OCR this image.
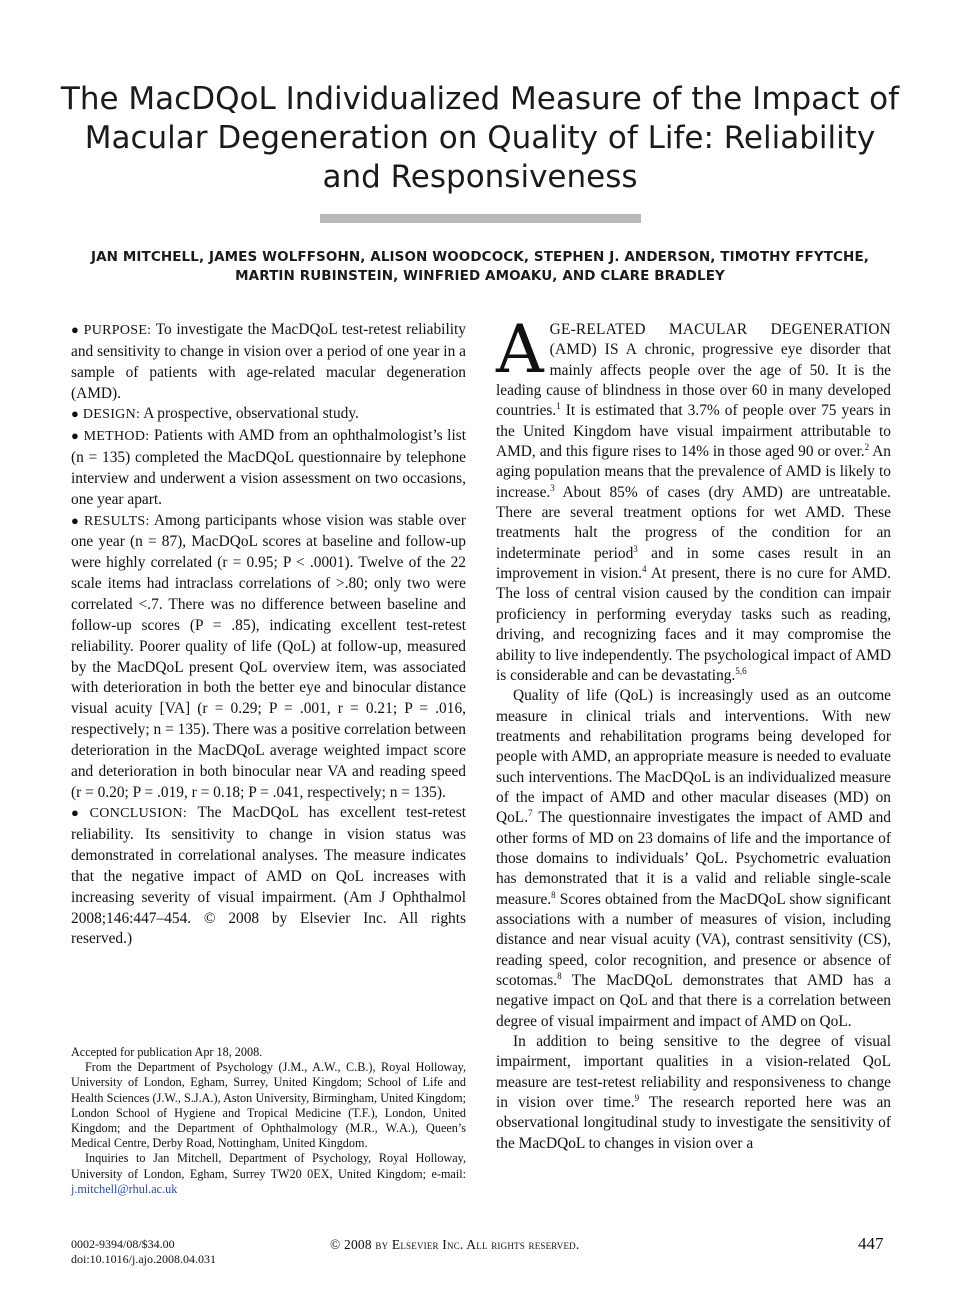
The MacDQoL Individualized Measure of the Impact of Macular Degeneration on Quality of Life: Reliability and Responsiveness
JAN MITCHELL, JAMES WOLFFSOHN, ALISON WOODCOCK, STEPHEN J. ANDERSON, TIMOTHY FFYTCHE, MARTIN RUBINSTEIN, WINFRIED AMOAKU, AND CLARE BRADLEY

● PURPOSE: To investigate the MacDQoL test-retest reliability and sensitivity to change in vision over a period of one year in a sample of patients with age-related macular degeneration (AMD).

● DESIGN: A prospective, observational study.

● METHOD: Patients with AMD from an ophthalmologist’s list (n = 135) completed the MacDQoL questionnaire by telephone interview and underwent a vision assessment on two occasions, one year apart.

● RESULTS: Among participants whose vision was stable over one year (n = 87), MacDQoL scores at baseline and follow-up were highly correlated (r = 0.95; P < .0001). Twelve of the 22 scale items had intraclass correlations of >.80; only two were correlated <.7. There was no difference between baseline and follow-up scores (P = .85), indicating excellent test-retest reliability. Poorer quality of life (QoL) at follow-up, measured by the MacDQoL present QoL overview item, was associated with deterioration in both the better eye and binocular distance visual acuity [VA] (r = 0.29; P = .001, r = 0.21; P = .016, respectively; n = 135). There was a positive correlation between deterioration in the MacDQoL average weighted impact score and deterioration in both binocular near VA and reading speed (r = 0.20; P = .019, r = 0.18; P = .041, respectively; n = 135).

● CONCLUSION: The MacDQoL has excellent test-retest reliability. Its sensitivity to change in vision status was demonstrated in correlational analyses. The measure indicates that the negative impact of AMD on QoL increases with increasing severity of visual impairment. (Am J Ophthalmol 2008;146:447–454. © 2008 by Elsevier Inc. All rights reserved.)

Accepted for publication Apr 18, 2008.

From the Department of Psychology (J.M., A.W., C.B.), Royal Holloway, University of London, Egham, Surrey, United Kingdom; School of Life and Health Sciences (J.W., S.J.A.), Aston University, Birmingham, United Kingdom; London School of Hygiene and Tropical Medicine (T.F.), London, United Kingdom; and the Department of Ophthalmology (M.R., W.A.), Queen’s Medical Centre, Derby Road, Nottingham, United Kingdom.

Inquiries to Jan Mitchell, Department of Psychology, Royal Holloway, University of London, Egham, Surrey TW20 0EX, United Kingdom; e-mail: j.mitchell@rhul.ac.uk

AGE-RELATED MACULAR DEGENERATION (AMD) IS A chronic, progressive eye disorder that mainly affects people over the age of 50. It is the leading cause of blindness in those over 60 in many developed countries.$^1$ It is estimated that 3.7% of people over 75 years in the United Kingdom have visual impairment attributable to AMD, and this figure rises to 14% in those aged 90 or over.$^2$ An aging population means that the prevalence of AMD is likely to increase.$^3$ About 85% of cases (dry AMD) are untreatable. There are several treatment options for wet AMD. These treatments halt the progress of the condition for an indeterminate period$^3$ and in some cases result in an improvement in vision.$^4$ At present, there is no cure for AMD. The loss of central vision caused by the condition can impair proficiency in performing everyday tasks such as reading, driving, and recognizing faces and it may compromise the ability to live independently. The psychological impact of AMD is considerable and can be devastating.$^{5,6}$

Quality of life (QoL) is increasingly used as an outcome measure in clinical trials and interventions. With new treatments and rehabilitation programs being developed for people with AMD, an appropriate measure is needed to evaluate such interventions. The MacDQoL is an individualized measure of the impact of AMD and other macular diseases (MD) on QoL.$^7$ The questionnaire investigates the impact of AMD and other forms of MD on 23 domains of life and the importance of those domains to individuals’ QoL. Psychometric evaluation has demonstrated that it is a valid and reliable single-scale measure.$^8$ Scores obtained from the MacDQoL show significant associations with a number of measures of vision, including distance and near visual acuity (VA), contrast sensitivity (CS), reading speed, color recognition, and presence or absence of scotomas.$^8$ The MacDQoL demonstrates that AMD has a negative impact on QoL and that there is a correlation between degree of visual impairment and impact of AMD on QoL.

In addition to being sensitive to the degree of visual impairment, important qualities in a vision-related QoL measure are test-retest reliability and responsiveness to change in vision over time.$^9$ The research reported here was an observational longitudinal study to investigate the sensitivity of the MacDQoL to changes in vision over a

0002-9394/08/$34.00
doi:10.1016/j.ajo.2008.04.031
© 2008 by Elsevier Inc. All rights reserved.	447
